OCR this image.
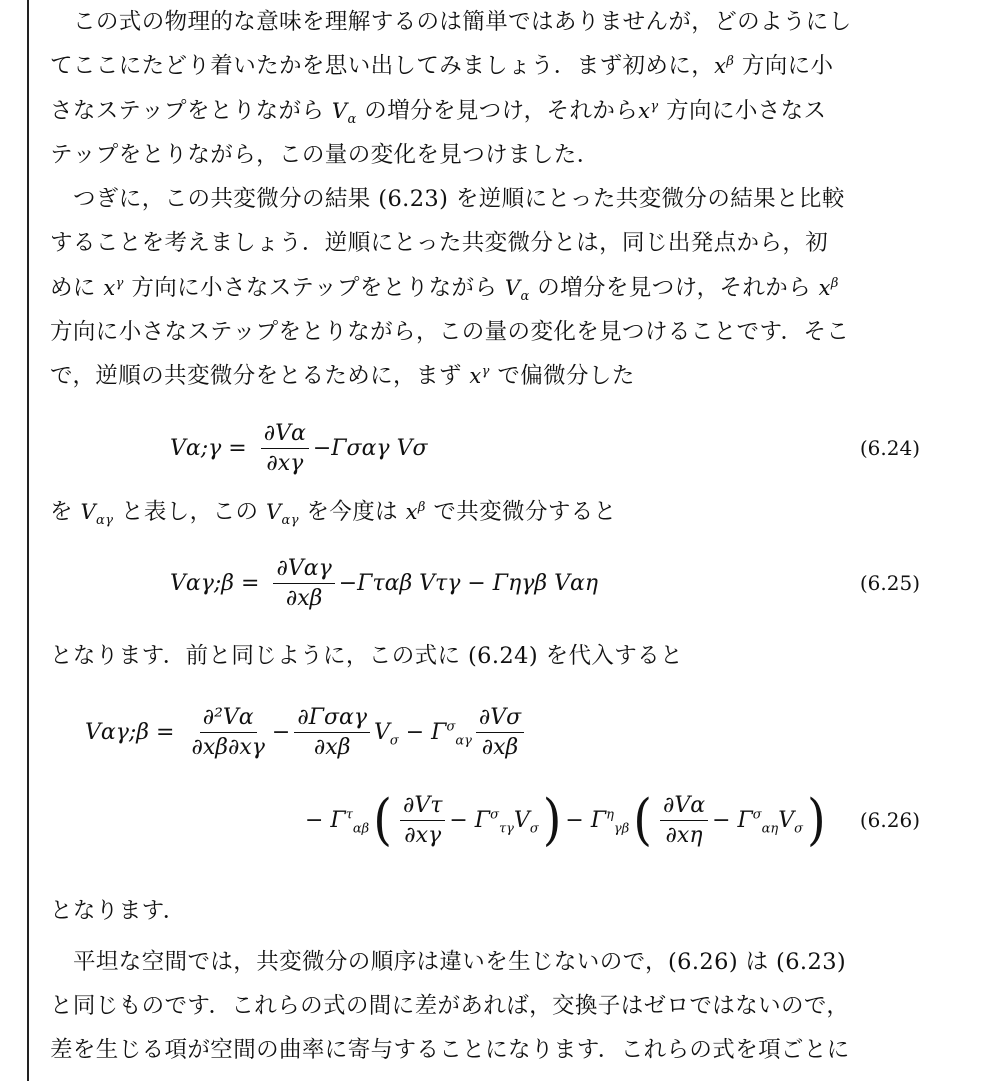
この式の物理的な意味を理解するのは簡単ではありませんが，どのようにし
てここにたどり着いたかを思い出してみましょう．まず初めに，$x^\beta$ 方向に小
さなステップをとりながら $V_\alpha$ の増分を見つけ，それから$x^\gamma$ 方向に小さなス
テップをとりながら，この量の変化を見つけました．
つぎに，この共変微分の結果 (6.23) を逆順にとった共変微分の結果と比較
することを考えましょう．逆順にとった共変微分とは，同じ出発点から，初
めに $x^\gamma$ 方向に小さなステップをとりながら $V_\alpha$ の増分を見つけ，それから $x^\beta$
方向に小さなステップをとりながら，この量の変化を見つけることです．そこ
で，逆順の共変微分をとるために，まず $x^\gamma$ で偏微分した
Vα;γ = $\frac{\partial V\alpha}{\partial x\gamma} -\Gamma\sigma\alpha\gamma$ Vσ	(6.24)
を $V_{\alpha\gamma}$ と表し，この $V_{\alpha\gamma}$ を今度は $x^\beta$ で共変微分すると
Vαγ;β = $\frac{\text{∂Vαγ}}{\partial x\beta} -\Gamma\tau\alpha\beta$ Vτγ − Γηγβ Vαη	(6.25)
となります．前と同じように，この式に (6.24) を代入すると
Vαγ;β = $\frac{\text{∂²Vα}}{\partial x\beta\partial x\gamma} - \frac{\text{∂Γσαγ}}{\partial x\beta} V_\sigma - \Gamma^\sigma_{\alpha\gamma} \frac{\partial V\sigma}{\partial x\beta}$
− $\Gamma^\tau_{\alpha\beta}$ ( $\frac{\partial V\tau}{\partial x\gamma} - \Gamma^\sigma_{\tau\gamma}V_\sigma$ ) − $\Gamma^\eta_{\gamma\beta}$ ( $\frac{\partial V\alpha}{\partial x\eta} - \Gamma^\sigma_{\alpha\eta}V_\sigma$ ) (6.26)
となります．
平坦な空間では，共変微分の順序は違いを生じないので，(6.26) は (6.23)
と同じものです．これらの式の間に差があれば，交換子はゼロではないので，
差を生じる項が空間の曲率に寄与することになります．これらの式を項ごとに
